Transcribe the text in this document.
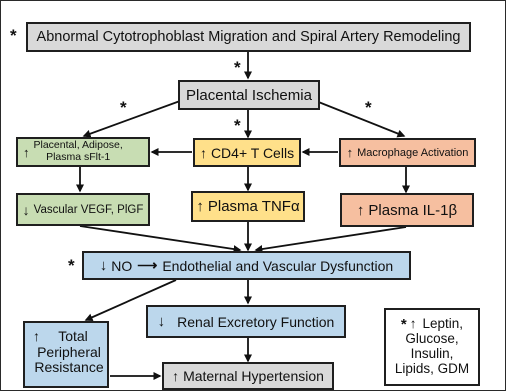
Abnormal Cytotrophoblast Migration and Spiral Artery Remodeling
*
*
Placental Ischemia
*
*
*
↑ Placental, Adipose,
Plasma sFlt-1	↑ CD4+ T Cells	↑ Macrophage Activation
↓ Vascular VEGF, PlGF	↑ Plasma TNFα	↑ Plasma IL-1β
* ↓ NO ⟶ Endothelial and Vascular Dysfunction
↑	Total
Peripheral
Resistance
↓ Renal Excretory Function
↑ Maternal Hypertension
* ↑ Leptin,
Glucose,
Insulin,
Lipids, GDM
